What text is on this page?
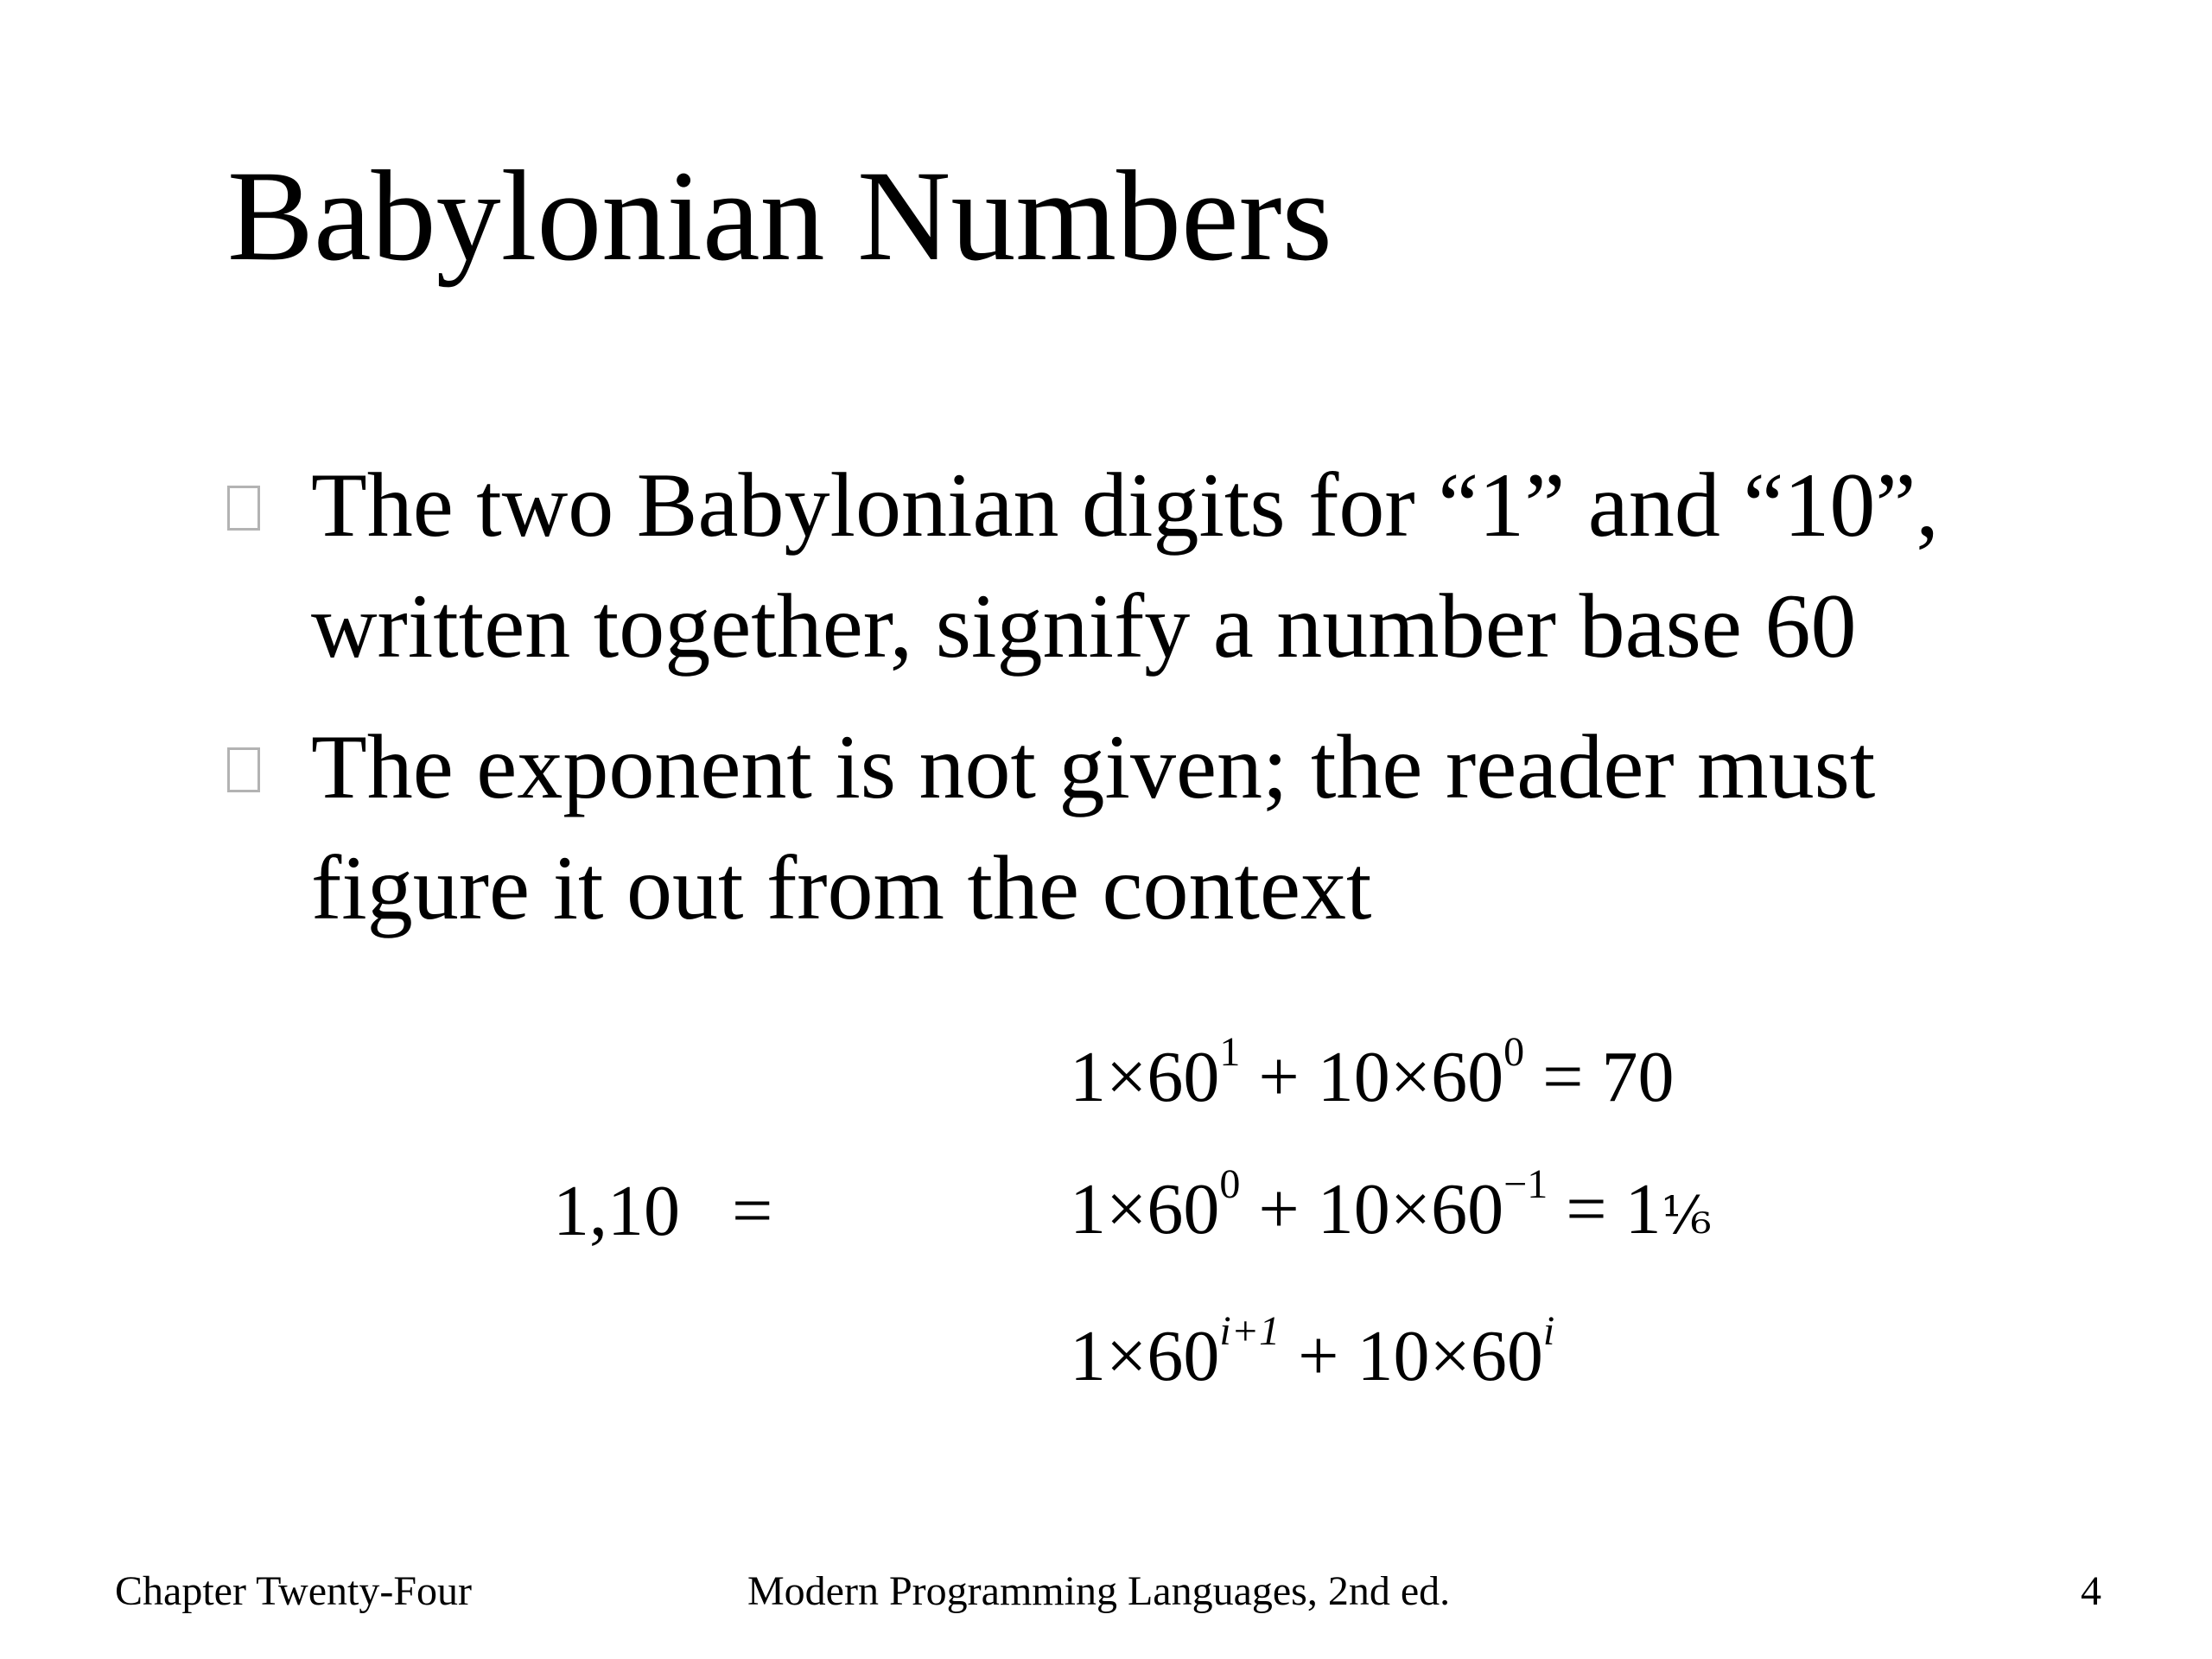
Babylonian Numbers
The two Babylonian digits for “1” and “10”,
written together, signify a number base 60
The exponent is not given; the reader must
figure it out from the context
1,10 =
$1\times 60^1 + 10\times 60^0 = 70$
$1\times 60^0 + 10\times 60^{-1}$ = 1⅙
$1\times 60^{i+1} + 10\times 60^i$
Chapter Twenty-Four	Modern Programming Languages, 2nd ed.	4
